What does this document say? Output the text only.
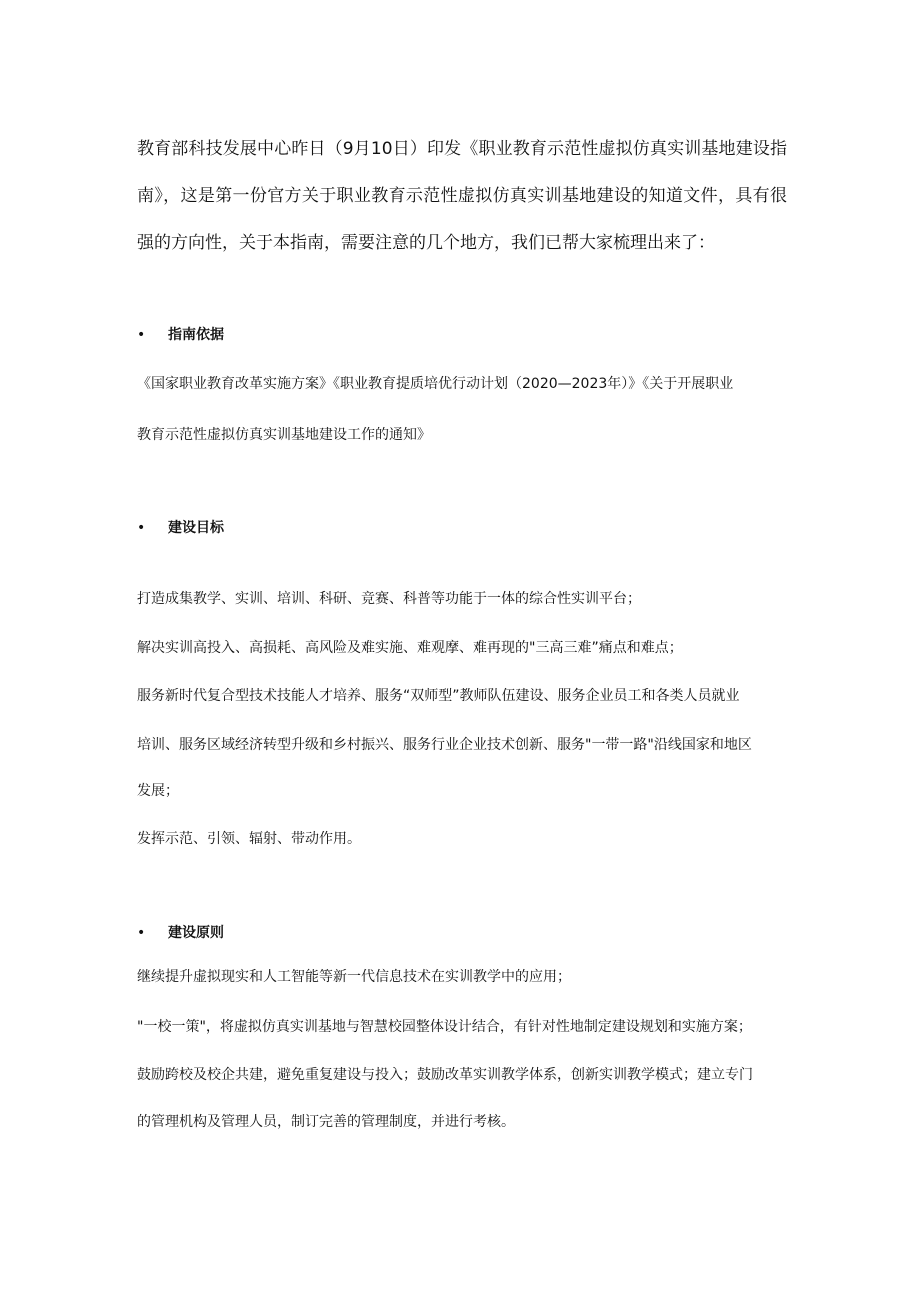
教育部科技发展中心昨日（9月10日）印发《职业教育示范性虚拟仿真实训基地建设指南》，这是第一份官方关于职业教育示范性虚拟仿真实训基地建设的知道文件，具有很强的方向性，关于本指南，需要注意的几个地方，我们已帮大家梳理出来了：

• 指南依据

《国家职业教育改革实施方案》《职业教育提质培优行动计划（2020—2023年）》《关于开展职业

教育示范性虚拟仿真实训基地建设工作的通知》

• 建设目标

打造成集教学、实训、培训、科研、竞赛、科普等功能于一体的综合性实训平台；

解决实训高投入、高损耗、高风险及难实施、难观摩、难再现的"三高三难”痛点和难点；

服务新时代复合型技术技能人才培养、服务“双师型”教师队伍建设、服务企业员工和各类人员就业

培训、服务区域经济转型升级和乡村振兴、服务行业企业技术创新、服务"一带一路"沿线国家和地区

发展；

发挥示范、引领、辐射、带动作用。

• 建设原则

继续提升虚拟现实和人工智能等新一代信息技术在实训教学中的应用；

"一校一策"，将虚拟仿真实训基地与智慧校园整体设计结合，有针对性地制定建设规划和实施方案；

鼓励跨校及校企共建，避免重复建设与投入；鼓励改革实训教学体系，创新实训教学模式；建立专门

的管理机构及管理人员，制订完善的管理制度，并进行考核。
